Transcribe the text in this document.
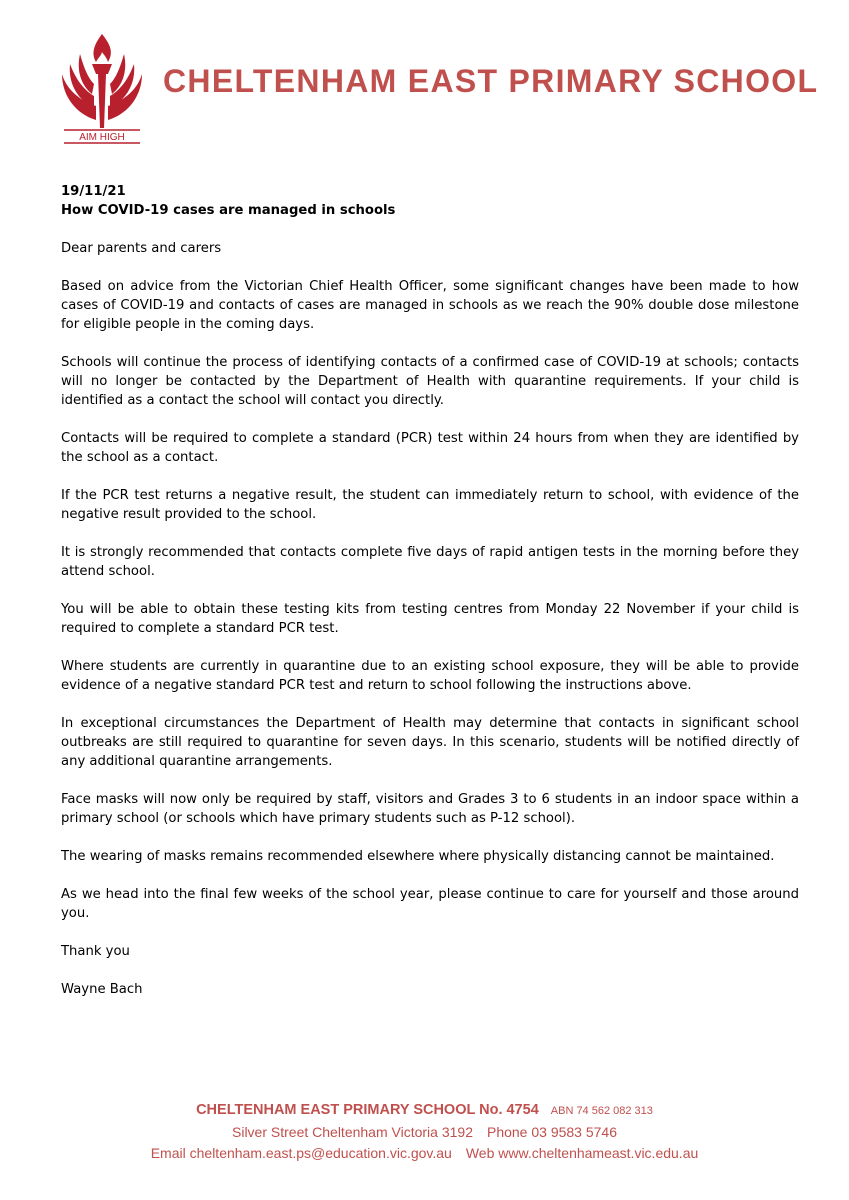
AIM HIGH
CHELTENHAM EAST PRIMARY SCHOOL

19/11/21

How COVID-19 cases are managed in schools

Dear parents and carers

Based on advice from the Victorian Chief Health Officer, some significant changes have been made to how cases of COVID-19 and contacts of cases are managed in schools as we reach the 90% double dose milestone for eligible people in the coming days.

Schools will continue the process of identifying contacts of a confirmed case of COVID-19 at schools; contacts will no longer be contacted by the Department of Health with quarantine requirements. If your child is identified as a contact the school will contact you directly.

Contacts will be required to complete a standard (PCR) test within 24 hours from when they are identified by the school as a contact.

If the PCR test returns a negative result, the student can immediately return to school, with evidence of the negative result provided to the school.

It is strongly recommended that contacts complete five days of rapid antigen tests in the morning before they attend school.

You will be able to obtain these testing kits from testing centres from Monday 22 November if your child is required to complete a standard PCR test.

Where students are currently in quarantine due to an existing school exposure, they will be able to provide evidence of a negative standard PCR test and return to school following the instructions above.

In exceptional circumstances the Department of Health may determine that contacts in significant school outbreaks are still required to quarantine for seven days. In this scenario, students will be notified directly of any additional quarantine arrangements.

Face masks will now only be required by staff, visitors and Grades 3 to 6 students in an indoor space within a primary school (or schools which have primary students such as P-12 school).

The wearing of masks remains recommended elsewhere where physically distancing cannot be maintained.

As we head into the final few weeks of the school year, please continue to care for yourself and those around you.

Thank you

Wayne Bach

CHELTENHAM EAST PRIMARY SCHOOL No. 4754 ABN 74 562 082 313
Silver Street Cheltenham Victoria 3192 Phone 03 9583 5746
Email cheltenham.east.ps@education.vic.gov.au Web www.cheltenhameast.vic.edu.au
